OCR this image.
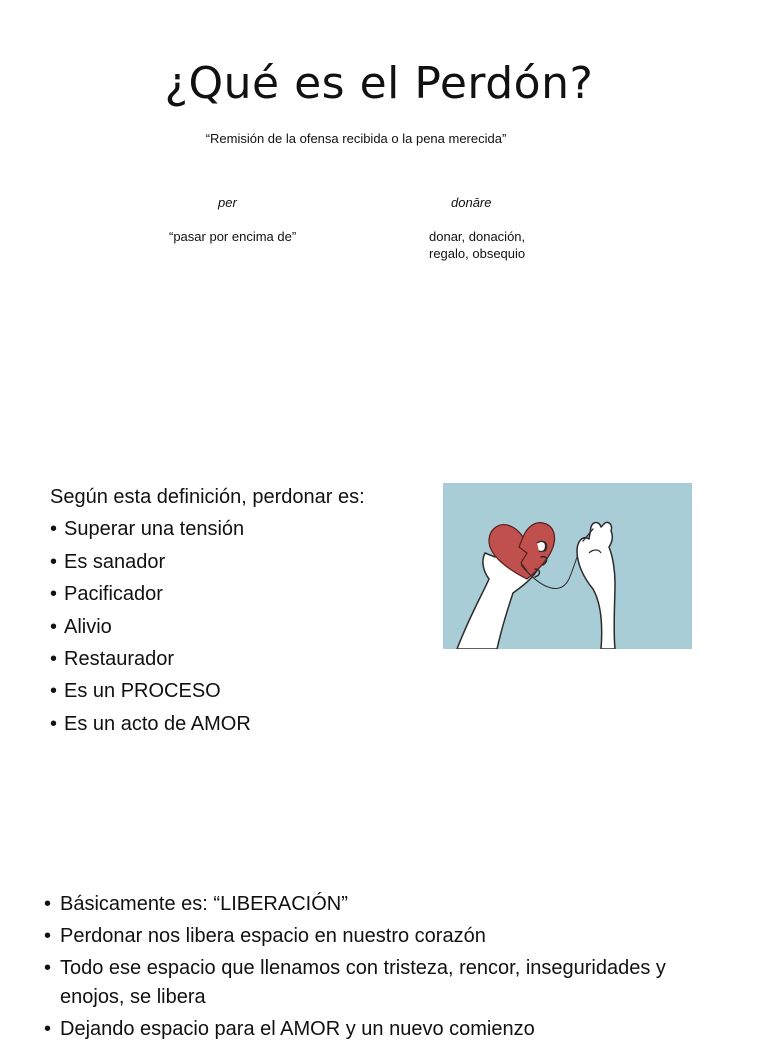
¿Qué es el Perdón?
“Remisión de la ofensa recibida o la pena merecida”
per	donāre
“pasar por encima de”	donar, donación,
regalo, obsequio

Según esta definición, perdonar es:

• Superar una tensión
• Es sanador
• Pacificador
• Alivio
• Restaurador
• Es un PROCESO
• Es un acto de AMOR
• Básicamente es: “LIBERACIÓN”
• Perdonar nos libera espacio en nuestro corazón
• Todo ese espacio que llenamos con tristeza, rencor, inseguridades y enojos, se libera
• Dejando espacio para el AMOR y un nuevo comienzo
